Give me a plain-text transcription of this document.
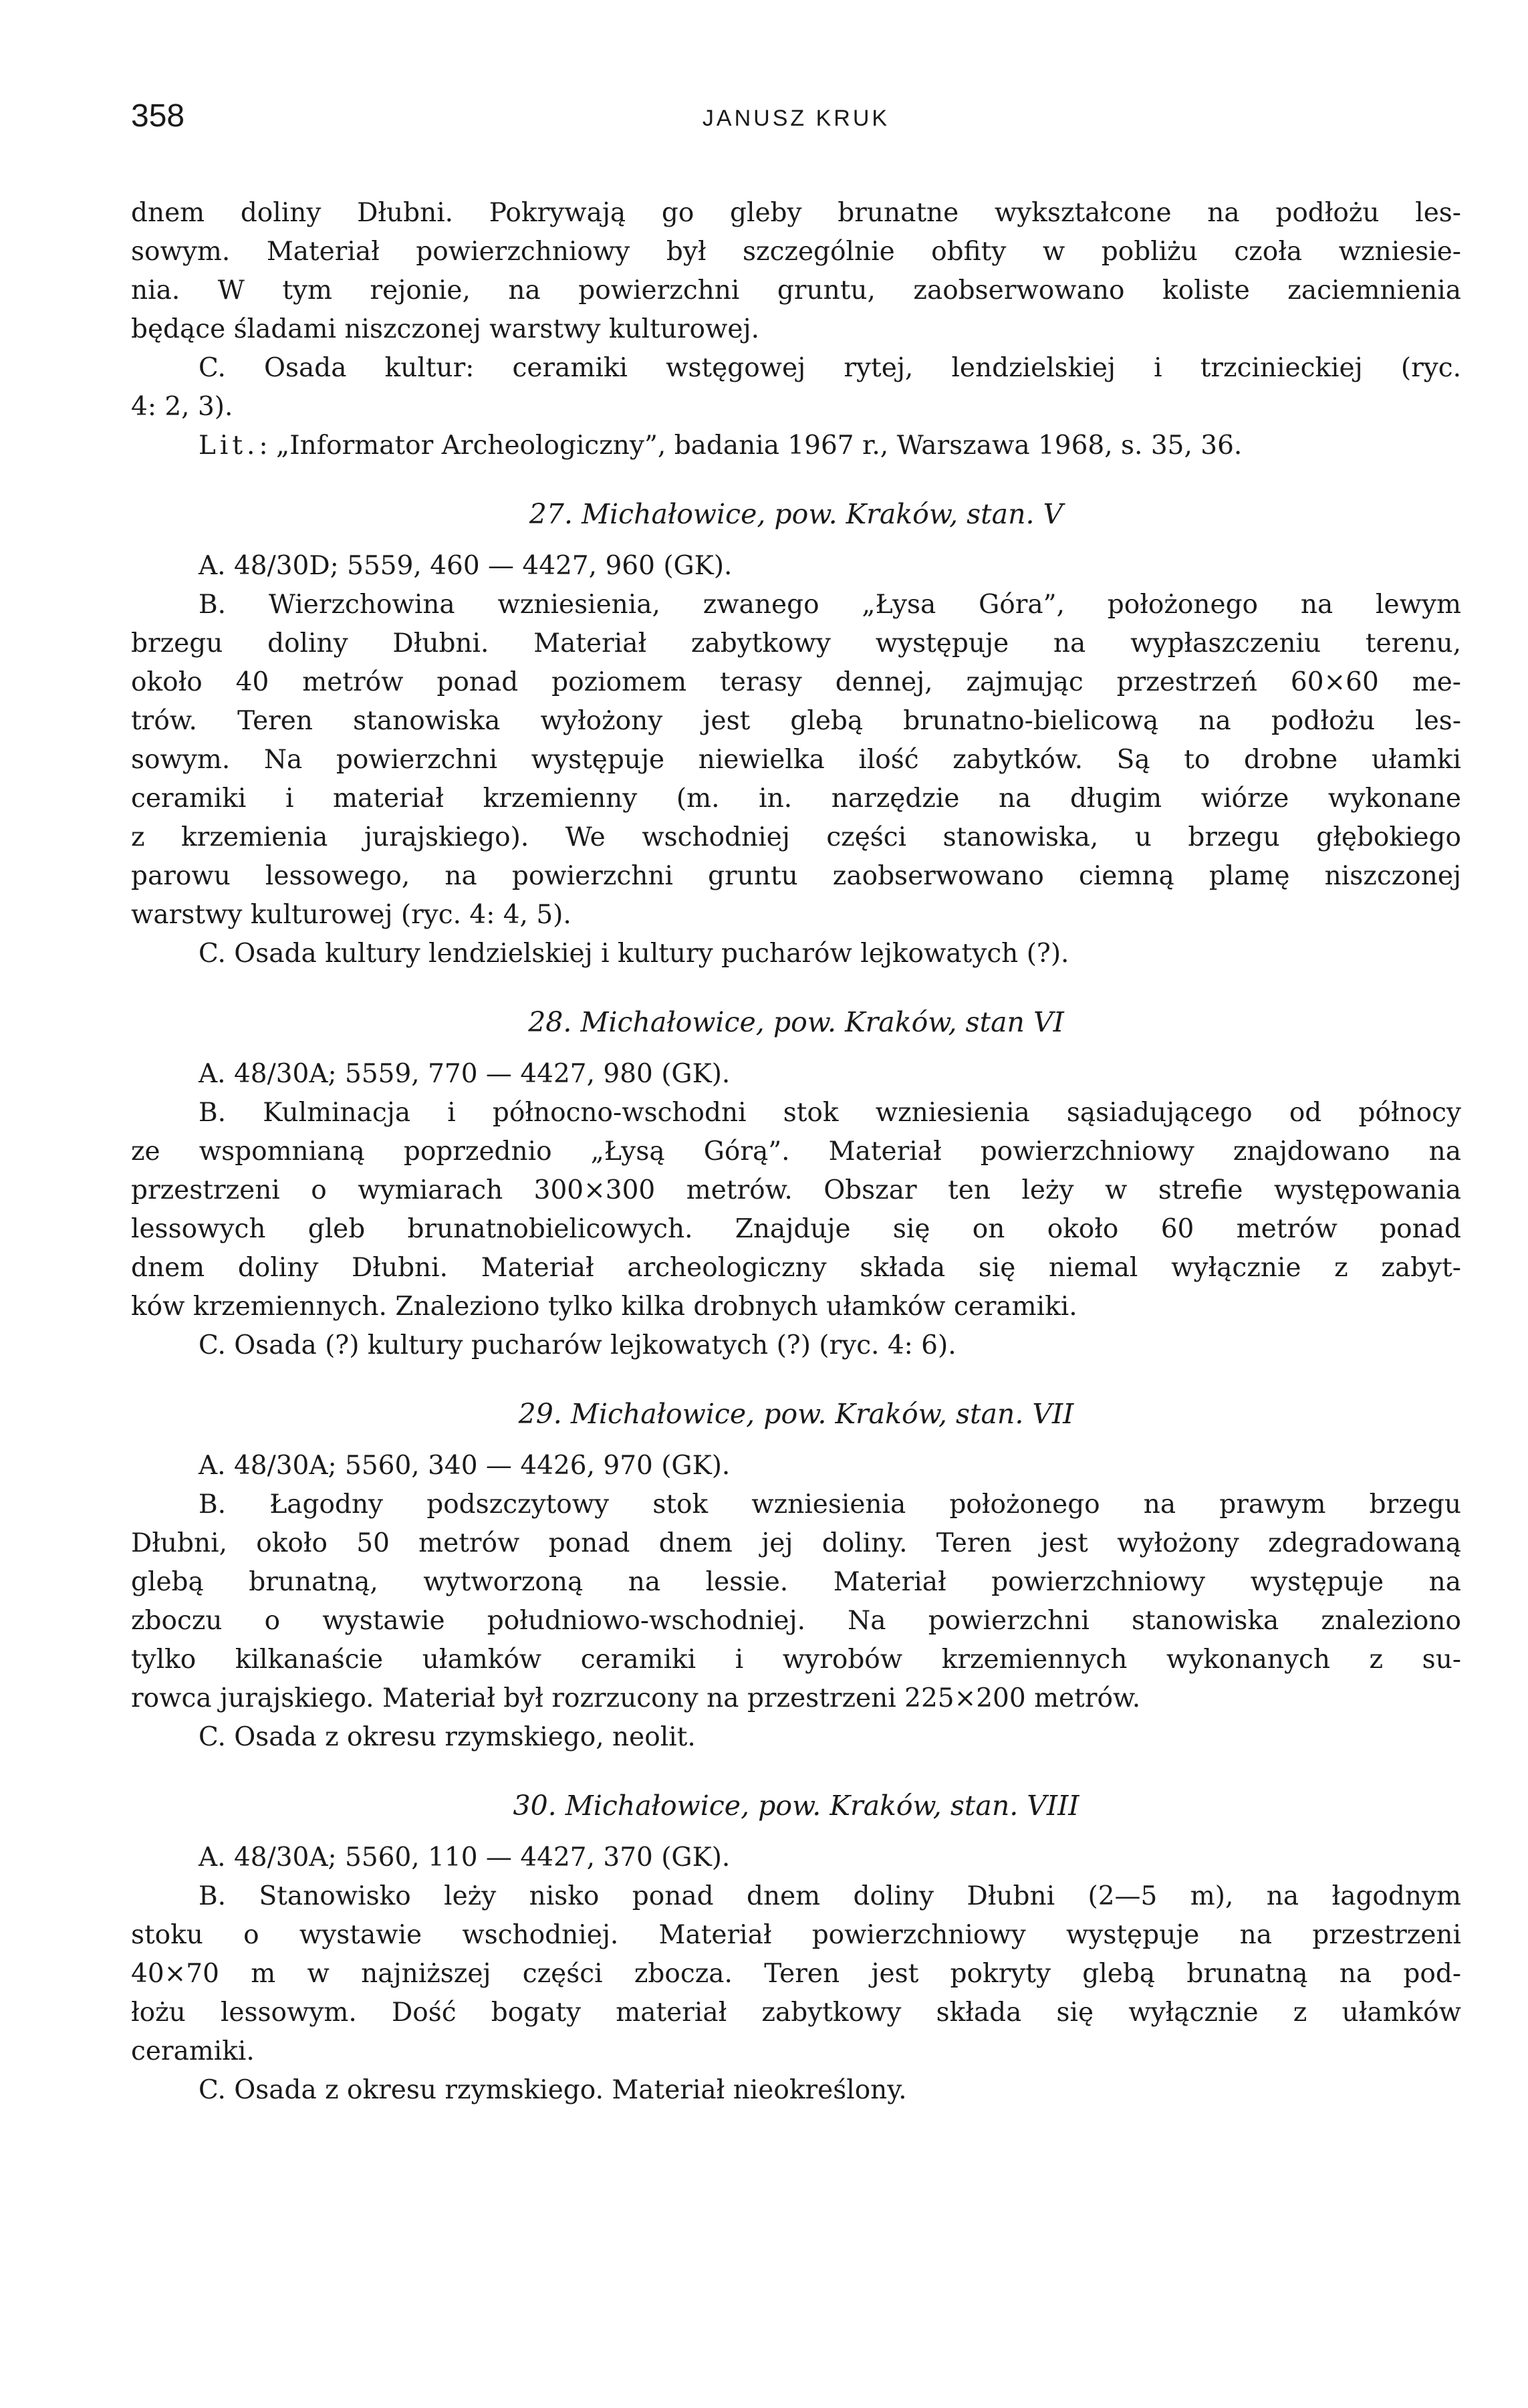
358	JANUSZ KRUK
dnem doliny Dłubni. Pokrywają go gleby brunatne wykształcone na podłożu les-
sowym. Materiał powierzchniowy był szczególnie obfity w pobliżu czoła wzniesie-
nia. W tym rejonie, na powierzchni gruntu, zaobserwowano koliste zaciemnienia
będące śladami niszczonej warstwy kulturowej.
C. Osada kultur: ceramiki wstęgowej rytej, lendzielskiej i trzcinieckiej (ryc.
4: 2, 3).
Lit.: „Informator Archeologiczny”, badania 1967 r., Warszawa 1968, s. 35, 36.
27. Michałowice, pow. Kraków, stan. V
A. 48/30D; 5559, 460 — 4427, 960 (GK).
B. Wierzchowina wzniesienia, zwanego „Łysa Góra”, położonego na lewym
brzegu doliny Dłubni. Materiał zabytkowy występuje na wypłaszczeniu terenu,
około 40 metrów ponad poziomem terasy dennej, zajmując przestrzeń 60×60 me-
trów. Teren stanowiska wyłożony jest glebą brunatno-bielicową na podłożu les-
sowym. Na powierzchni występuje niewielka ilość zabytków. Są to drobne ułamki
ceramiki i materiał krzemienny (m. in. narzędzie na długim wiórze wykonane
z krzemienia jurajskiego). We wschodniej części stanowiska, u brzegu głębokiego
parowu lessowego, na powierzchni gruntu zaobserwowano ciemną plamę niszczonej
warstwy kulturowej (ryc. 4: 4, 5).
C. Osada kultury lendzielskiej i kultury pucharów lejkowatych (?).
28. Michałowice, pow. Kraków, stan VI
A. 48/30A; 5559, 770 — 4427, 980 (GK).
B. Kulminacja i północno-wschodni stok wzniesienia sąsiadującego od północy
ze wspomnianą poprzednio „Łysą Górą”. Materiał powierzchniowy znajdowano na
przestrzeni o wymiarach 300×300 metrów. Obszar ten leży w strefie występowania
lessowych gleb brunatnobielicowych. Znajduje się on około 60 metrów ponad
dnem doliny Dłubni. Materiał archeologiczny składa się niemal wyłącznie z zabyt-
ków krzemiennych. Znaleziono tylko kilka drobnych ułamków ceramiki.
C. Osada (?) kultury pucharów lejkowatych (?) (ryc. 4: 6).
29. Michałowice, pow. Kraków, stan. VII
A. 48/30A; 5560, 340 — 4426, 970 (GK).
B. Łagodny podszczytowy stok wzniesienia położonego na prawym brzegu
Dłubni, około 50 metrów ponad dnem jej doliny. Teren jest wyłożony zdegradowaną
glebą brunatną, wytworzoną na lessie. Materiał powierzchniowy występuje na
zboczu o wystawie południowo-wschodniej. Na powierzchni stanowiska znaleziono
tylko kilkanaście ułamków ceramiki i wyrobów krzemiennych wykonanych z su-
rowca jurajskiego. Materiał był rozrzucony na przestrzeni 225×200 metrów.
C. Osada z okresu rzymskiego, neolit.
30. Michałowice, pow. Kraków, stan. VIII
A. 48/30A; 5560, 110 — 4427, 370 (GK).
B. Stanowisko leży nisko ponad dnem doliny Dłubni (2—5 m), na łagodnym
stoku o wystawie wschodniej. Materiał powierzchniowy występuje na przestrzeni
40×70 m w najniższej części zbocza. Teren jest pokryty glebą brunatną na pod-
łożu lessowym. Dość bogaty materiał zabytkowy składa się wyłącznie z ułamków
ceramiki.
C. Osada z okresu rzymskiego. Materiał nieokreślony.
